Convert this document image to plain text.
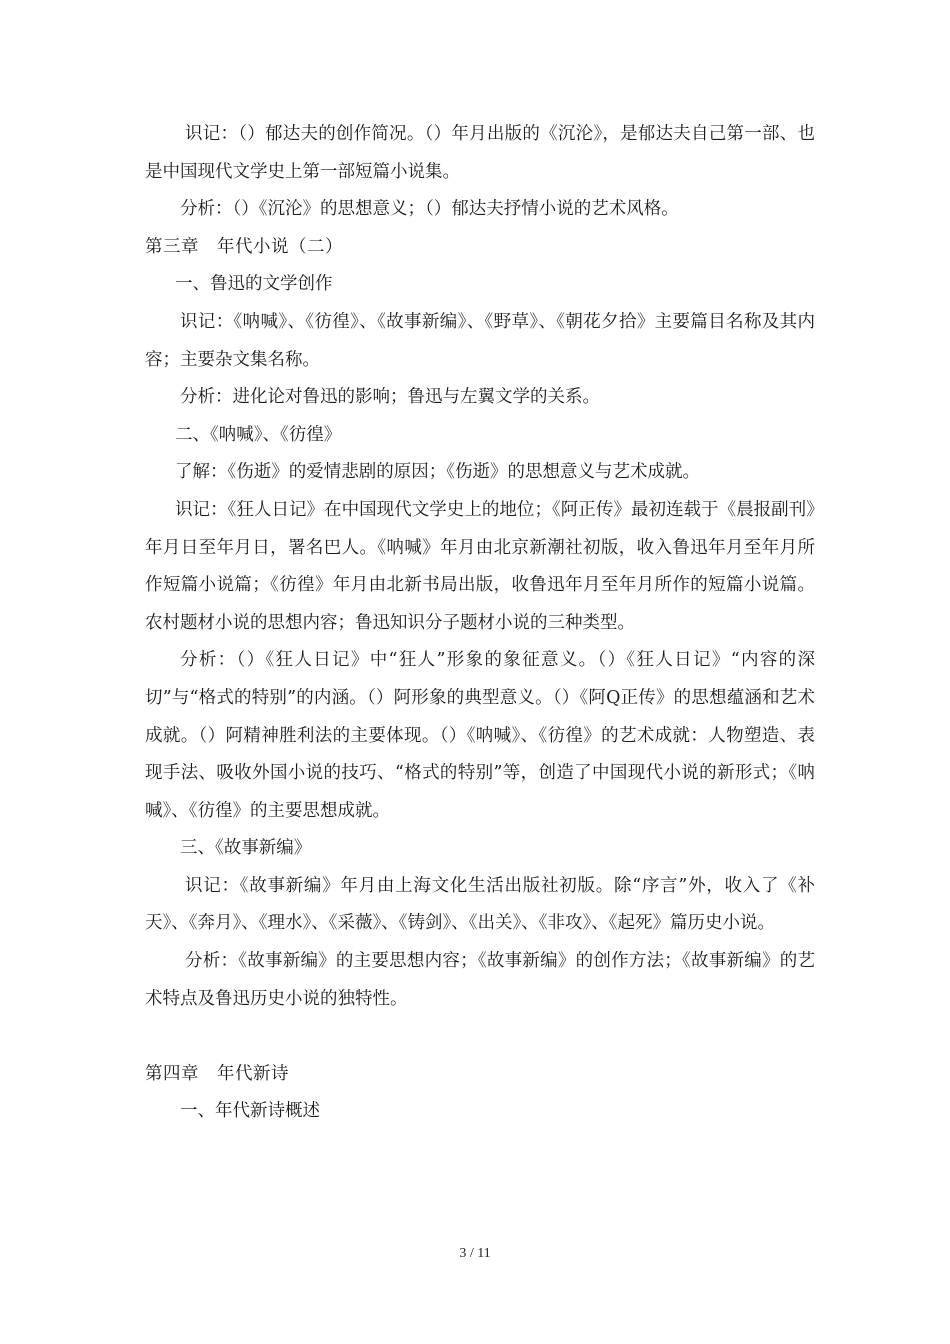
识记：（）郁达夫的创作简况。（）年月出版的《沉沦》，是郁达夫自己第一部、也是中国现代文学史上第一部短篇小说集。

分析：（）《沉沦》的思想意义；（）郁达夫抒情小说的艺术风格。

第三章 年代小说（二）

一、鲁迅的文学创作

识记：《呐喊》、《彷徨》、《故事新编》、《野草》、《朝花夕拾》主要篇目名称及其内容；主要杂文集名称。

分析：进化论对鲁迅的影响；鲁迅与左翼文学的关系。

二、《呐喊》、《彷徨》

了解：《伤逝》的爱情悲剧的原因；《伤逝》的思想意义与艺术成就。

识记：《狂人日记》在中国现代文学史上的地位；《阿正传》最初连载于《晨报副刊》年月日至年月日，署名巴人。《呐喊》年月由北京新潮社初版，收入鲁迅年月至年月所作短篇小说篇；《彷徨》年月由北新书局出版，收鲁迅年月至年月所作的短篇小说篇。农村题材小说的思想内容；鲁迅知识分子题材小说的三种类型。

分析：（）《狂人日记》中“狂人”形象的象征意义。（）《狂人日记》“内容的深切”与“格式的特别”的内涵。（）阿形象的典型意义。（）《阿Q正传》的思想蕴涵和艺术成就。（）阿精神胜利法的主要体现。（）《呐喊》、《彷徨》的艺术成就：人物塑造、表现手法、吸收外国小说的技巧、“格式的特别”等，创造了中国现代小说的新形式；《呐喊》、《彷徨》的主要思想成就。

三、《故事新编》

识记：《故事新编》年月由上海文化生活出版社初版。除“序言”外，收入了《补天》、《奔月》、《理水》、《采薇》、《铸剑》、《出关》、《非攻》、《起死》篇历史小说。

分析：《故事新编》的主要思想内容；《故事新编》的创作方法；《故事新编》的艺术特点及鲁迅历史小说的独特性。

第四章 年代新诗

一、年代新诗概述

3 / 11
